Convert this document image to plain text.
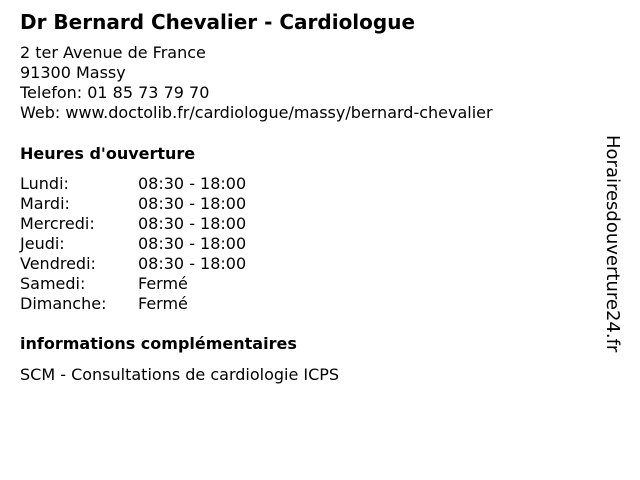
Dr Bernard Chevalier - Cardiologue
2 ter Avenue de France
91300 Massy
Telefon: 01 85 73 79 70
Web: www.doctolib.fr/cardiologue/massy/bernard-chevalier
Heures d'ouverture
Lundi:	08:30 - 18:00
Mardi:	08:30 - 18:00
Mercredi:	08:30 - 18:00
Jeudi:	08:30 - 18:00
Vendredi:	08:30 - 18:00
Samedi:	Fermé
Dimanche: Fermé
informations complémentaires
SCM - Consultations de cardiologie ICPS
Horairesdouverture24.fr
